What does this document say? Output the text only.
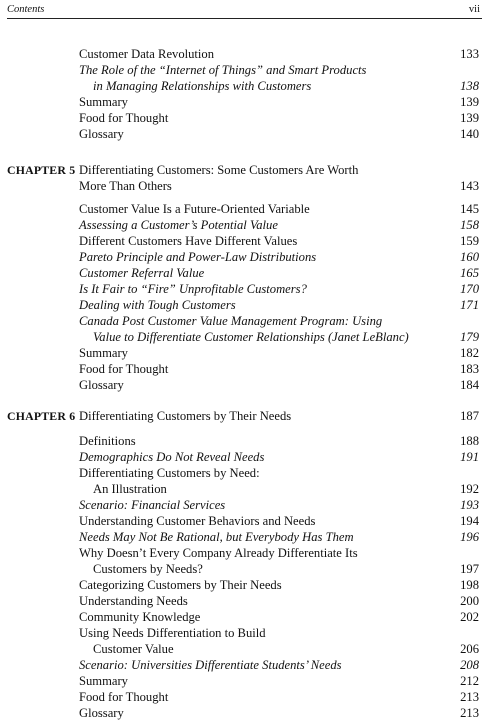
Contents	vii
Customer Data Revolution	133
The Role of the “Internet of Things” and Smart Products
in Managing Relationships with Customers	138
Summary	139
Food for Thought	139
Glossary	140
CHAPTER 5 Differentiating Customers: Some Customers Are Worth
More Than Others	143
Customer Value Is a Future-Oriented Variable	145
Assessing a Customer’s Potential Value	158
Different Customers Have Different Values	159
Pareto Principle and Power-Law Distributions	160
Customer Referral Value	165
Is It Fair to “Fire” Unprofitable Customers?	170
Dealing with Tough Customers	171
Canada Post Customer Value Management Program: Using
Value to Differentiate Customer Relationships (Janet LeBlanc)	179
Summary	182
Food for Thought	183
Glossary	184
CHAPTER 6 Differentiating Customers by Their Needs	187
Definitions	188
Demographics Do Not Reveal Needs	191
Differentiating Customers by Need:
An Illustration	192
Scenario: Financial Services	193
Understanding Customer Behaviors and Needs	194
Needs May Not Be Rational, but Everybody Has Them	196
Why Doesn’t Every Company Already Differentiate Its
Customers by Needs?	197
Categorizing Customers by Their Needs	198
Understanding Needs	200
Community Knowledge	202
Using Needs Differentiation to Build
Customer Value	206
Scenario: Universities Differentiate Students’ Needs	208
Summary	212
Food for Thought	213
Glossary	213
